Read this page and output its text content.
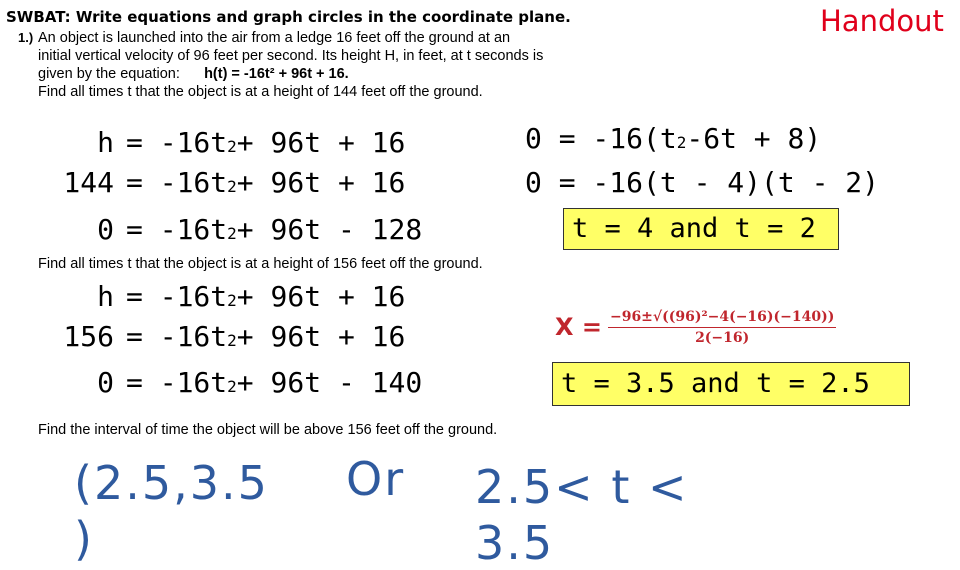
SWBAT: Write equations and graph circles in the coordinate plane.	Handout
1.) An object is launched into the air from a ledge 16 feet off the ground at an
initial vertical velocity of 96 feet per second. Its height H, in feet, at t seconds is
given by the equation: h(t) = -16t² + 96t + 16.
Find all times t that the object is at a height of 144 feet off the ground.
h = -16t 2 + 96t + 16
144 = -16t 2 + 96t + 16
0 = -16t 2 + 96t - 128
0 = -16(t 2 -6t + 8)
0 = -16(t - 4)(t - 2)
t = 4 and t = 2
Find all times t that the object is at a height of 156 feet off the ground.
h = -16t 2 + 96t + 16
156 = -16t 2 + 96t + 16
0 = -16t 2 + 96t - 140
$X = \frac{\text{−96±√((96)²−4(−16)(−140))}}{2(-16)}$
t = 3.5 and t = 2.5
Find the interval of time the object will be above 156 feet off the ground.
(2.5,3.5
)
Or 2.5< t <
3.5
